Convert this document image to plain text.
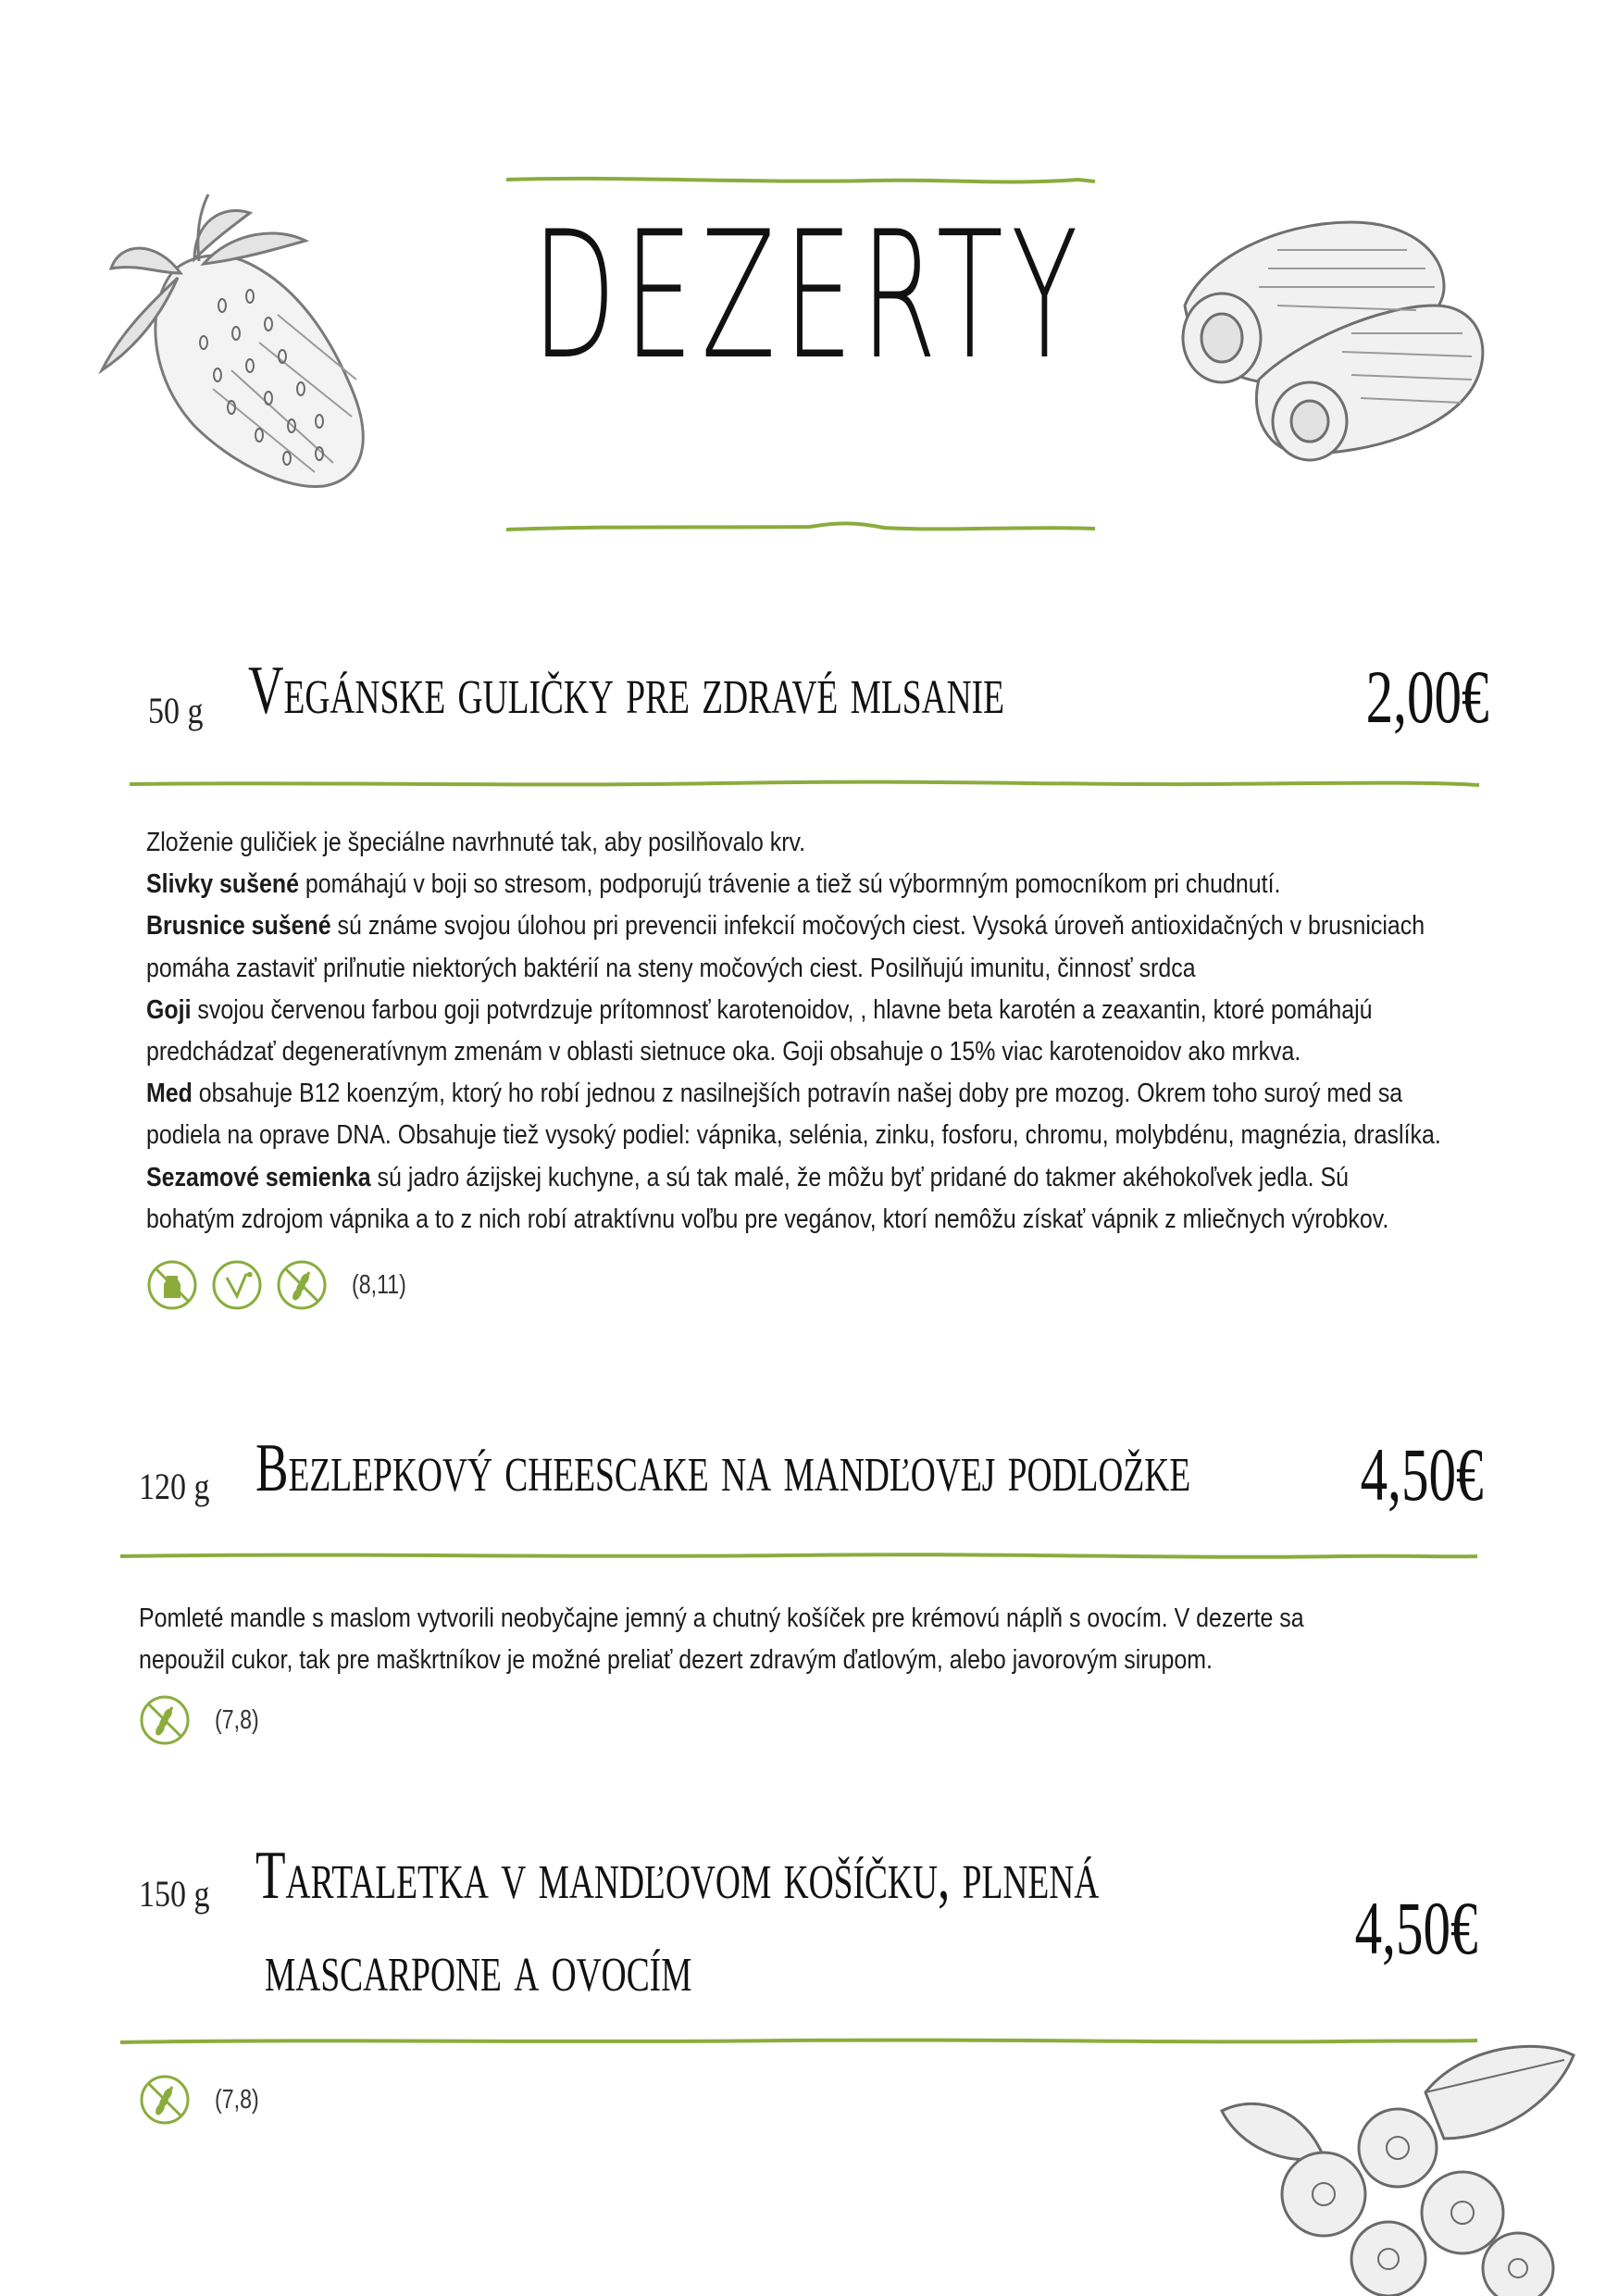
DEZERTY
50 g Vegánske guličky pre zdravé mlsanie	2,00€
Zloženie guličiek je špeciálne navrhnuté tak, aby posilňovalo krv.
Slivky sušené pomáhajú v boji so stresom, podporujú trávenie a tiež sú výbormným pomocníkom pri chudnutí.
Brusnice sušené sú známe svojou úlohou pri prevencii infekcií močových ciest. Vysoká úroveň antioxidačných v brusniciach
pomáha zastaviť priľnutie niektorých baktérií na steny močových ciest. Posilňujú imunitu, činnosť srdca
Goji svojou červenou farbou goji potvrdzuje prítomnosť karotenoidov, , hlavne beta karotén a zeaxantin, ktoré pomáhajú
predchádzať degeneratívnym zmenám v oblasti sietnuce oka. Goji obsahuje o 15% viac karotenoidov ako mrkva.
Med obsahuje B12 koenzým, ktorý ho robí jednou z nasilnejších potravín našej doby pre mozog. Okrem toho suroý med sa
podiela na oprave DNA. Obsahuje tiež vysoký podiel: vápnika, selénia, zinku, fosforu, chromu, molybdénu, magnézia, draslíka.
Sezamové semienka sú jadro ázijskej kuchyne, a sú tak malé, že môžu byť pridané do takmer akéhokoľvek jedla. Sú
bohatým zdrojom vápnika a to z nich robí atraktívnu voľbu pre vegánov, ktorí nemôžu získať vápnik z mliečnych výrobkov.
(8,11)
120 g Bezlepkový cheescake na mandľovej podložke 4,50€
Pomleté mandle s maslom vytvorili neobyčajne jemný a chutný košíček pre krémovú náplň s ovocím. V dezerte sa
nepoužil cukor, tak pre maškrtníkov je možné preliať dezert zdravým ďatlovým, alebo javorovým sirupom.
(7,8)
150 g Tartaletka v mandľovom košíčku, plnená
mascarpone a ovocím	4,50€
(7,8)
